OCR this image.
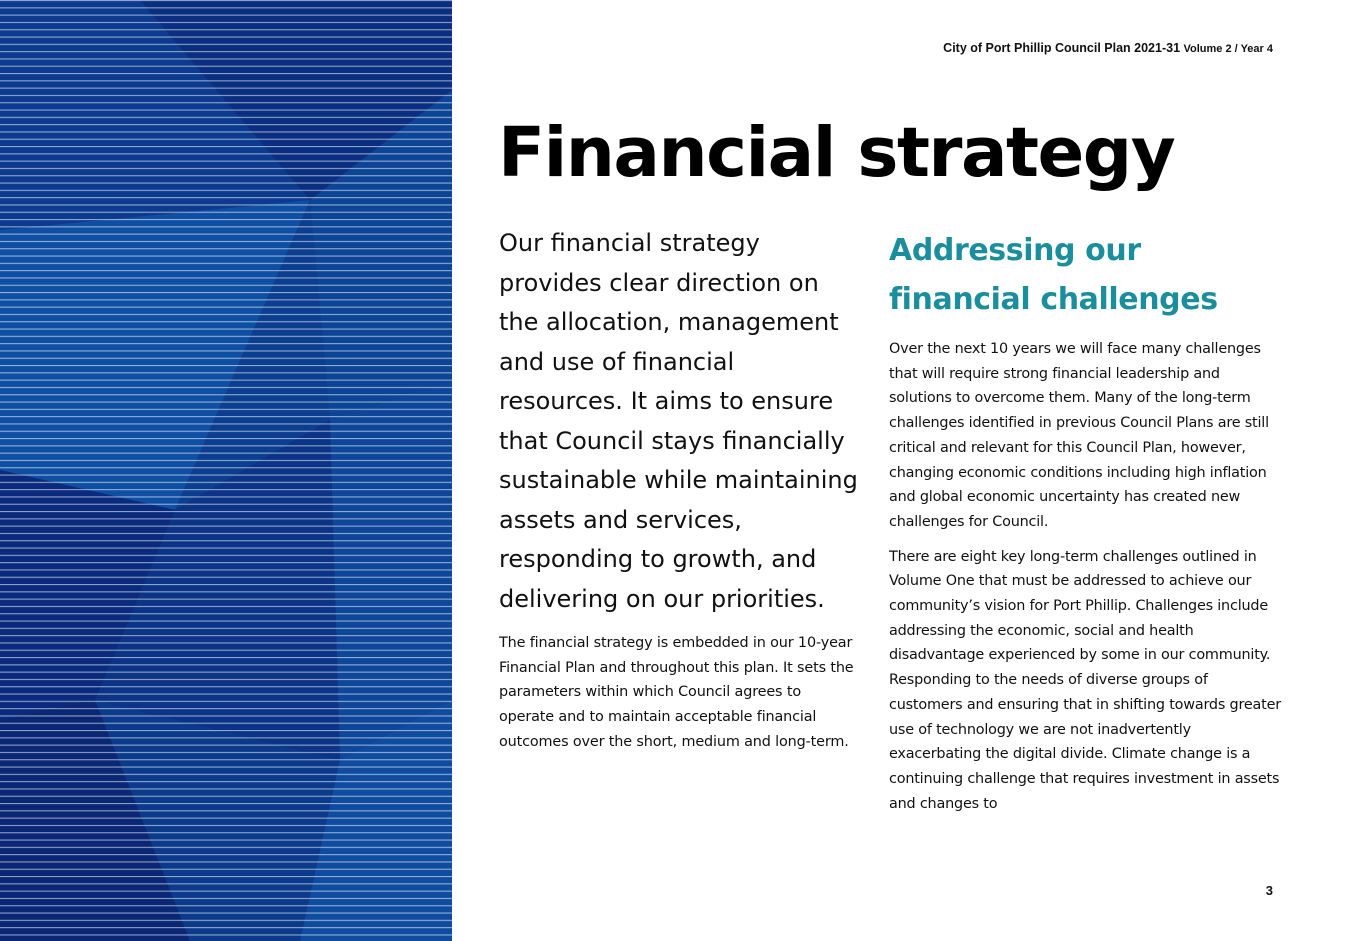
City of Port Phillip Council Plan 2021-31 Volume 2 / Year 4
Financial strategy

Our financial strategy provides clear direction on the allocation, management and use of financial resources. It aims to ensure that Council stays financially sustainable while maintaining assets and services, responding to growth, and delivering on our priorities.

The financial strategy is embedded in our 10-year Financial Plan and throughout this plan. It sets the parameters within which Council agrees to operate and to maintain acceptable financial outcomes over the short, medium and long-term.

Addressing our financial challenges

Over the next 10 years we will face many challenges that will require strong financial leadership and solutions to overcome them. Many of the long-term challenges identified in previous Council Plans are still critical and relevant for this Council Plan, however, changing economic conditions including high inflation and global economic uncertainty has created new challenges for Council.

There are eight key long-term challenges outlined in Volume One that must be addressed to achieve our community’s vision for Port Phillip. Challenges include addressing the economic, social and health disadvantage experienced by some in our community. Responding to the needs of diverse groups of customers and ensuring that in shifting towards greater use of technology we are not inadvertently exacerbating the digital divide. Climate change is a continuing challenge that requires investment in assets and changes to

3
